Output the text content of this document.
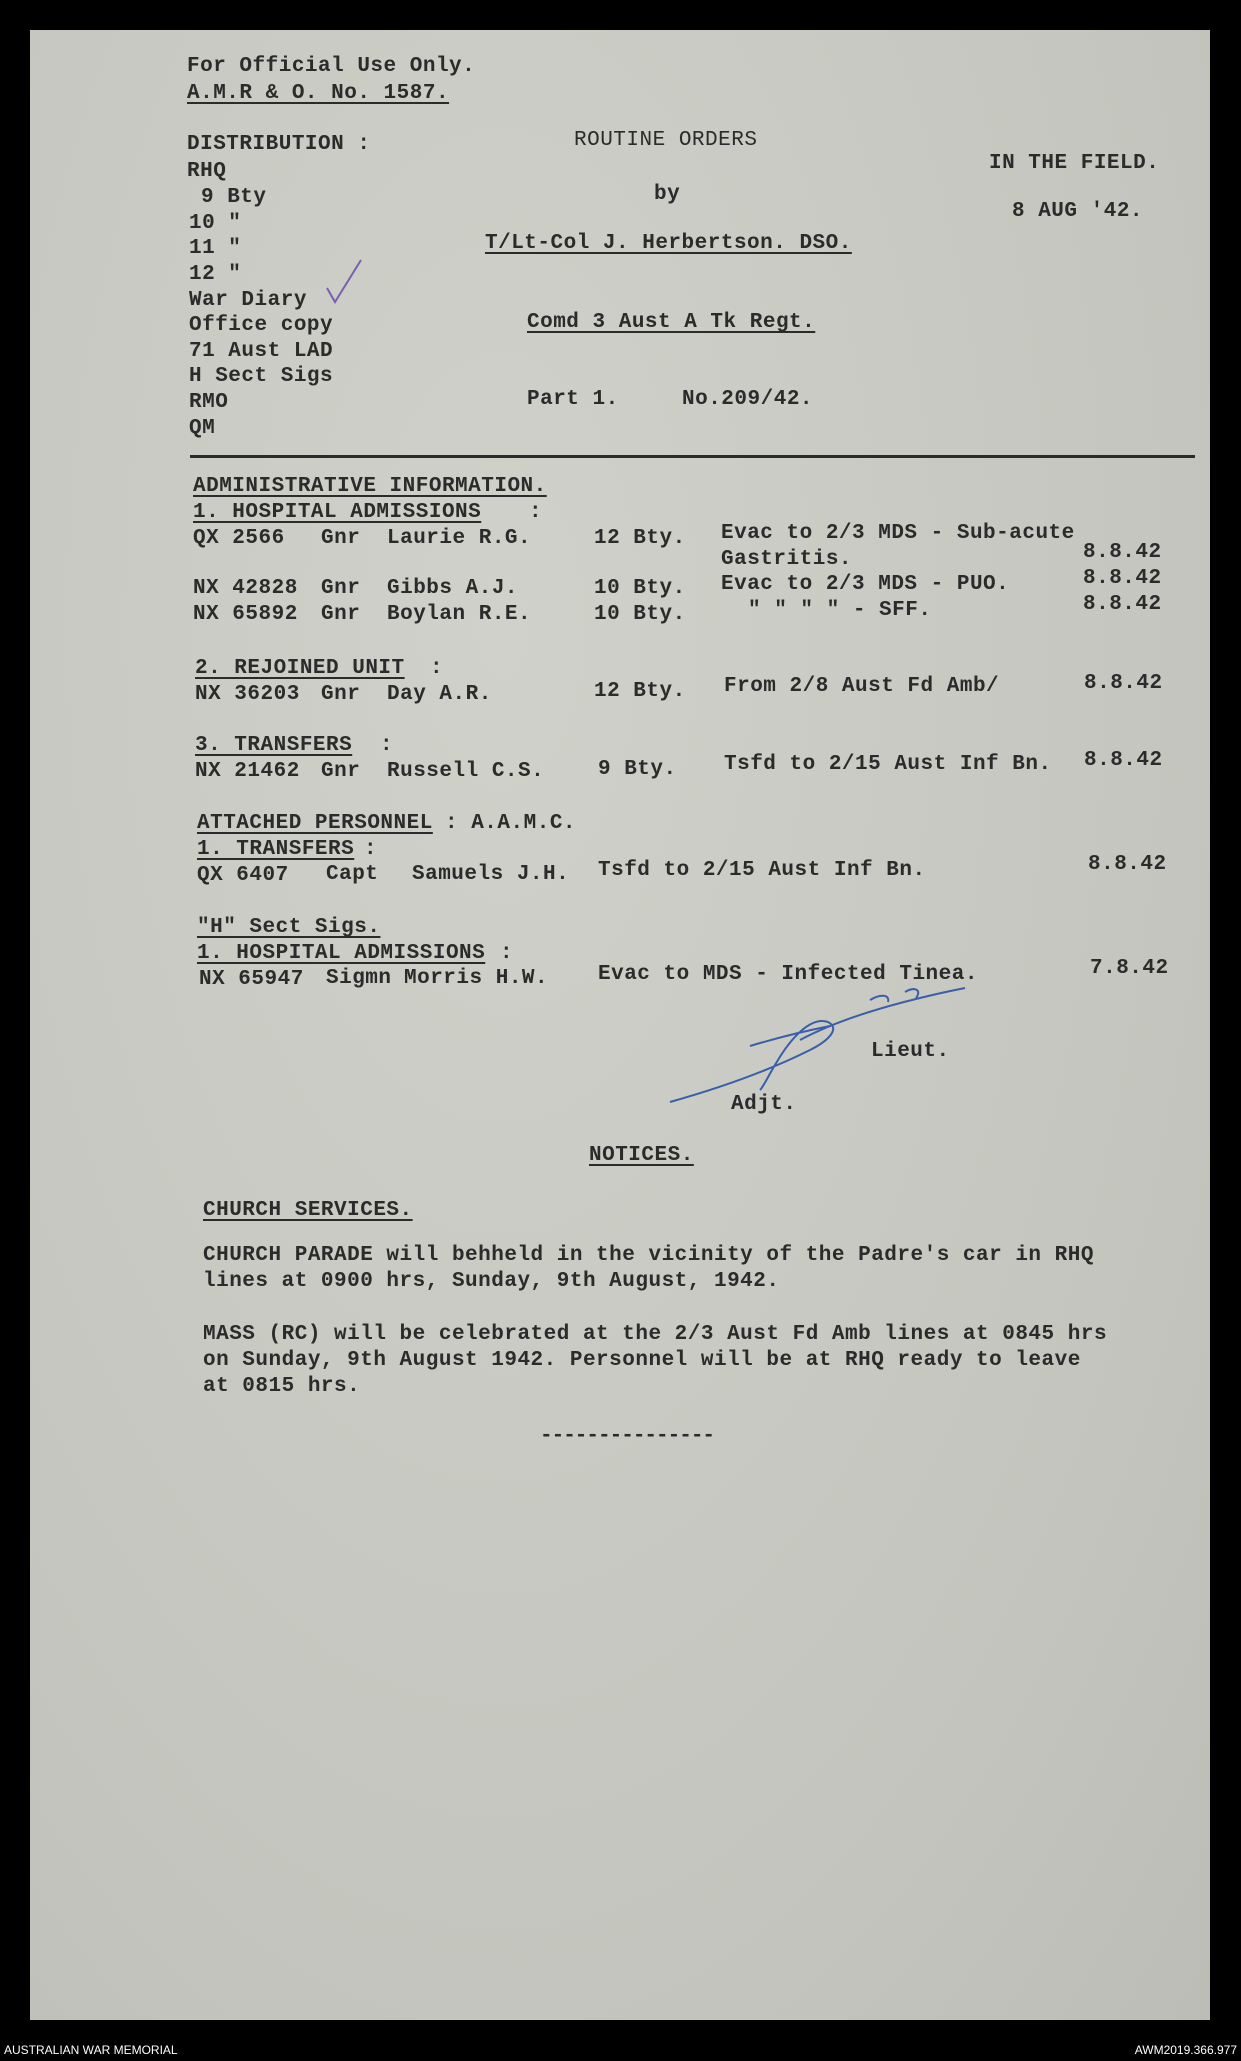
For Official Use Only.
A.M.R & O. No. 1587.
DISTRIBUTION :
RHQ
9 Bty
10 "
11 "
12 "
War Diary
Office copy
71 Aust LAD
H Sect Sigs
RMO
QM
ROUTINE ORDERS
by
T/Lt-Col J. Herbertson. DSO.
Comd 3 Aust A Tk Regt.
Part 1.	No.209/42.
IN THE FIELD.
8 AUG '42.
ADMINISTRATIVE INFORMATION.
1. HOSPITAL ADMISSIONS :
QX 2566 Gnr Laurie R.G.	12 Bty. Evac to 2/3 MDS - Sub-acute
Gastritis.	8.8.42
NX 42828 Gnr Gibbs A.J.	10 Bty. Evac to 2/3 MDS - PUO.	8.8.42
NX 65892 Gnr Boylan R.E.	10 Bty.	" " " " - SFF.	8.8.42
2. REJOINED UNIT :
NX 36203 Gnr Day A.R.	12 Bty. From 2/8 Aust Fd Amb/	8.8.42
3. TRANSFERS :
NX 21462 Gnr Russell C.S.	9 Bty. Tsfd to 2/15 Aust Inf Bn. 8.8.42
ATTACHED PERSONNEL : A.A.M.C.
1. TRANSFERS :
QX 6407 Capt Samuels J.H. Tsfd to 2/15 Aust Inf Bn.	8.8.42
"H" Sect Sigs.
1. HOSPITAL ADMISSIONS :
NX 65947 Sigmn Morris H.W. Evac to MDS - Infected Tinea.	7.8.42
Lieut.
Adjt.
NOTICES.
CHURCH SERVICES.
CHURCH PARADE will behheld in the vicinity of the Padre's car in RHQ
lines at 0900 hrs, Sunday, 9th August, 1942.
MASS (RC) will be celebrated at the 2/3 Aust Fd Amb lines at 0845 hrs
on Sunday, 9th August 1942. Personnel will be at RHQ ready to leave
at 0815 hrs.
---------------
AUSTRALIAN WAR MEMORIAL	AWM2019.366.977
